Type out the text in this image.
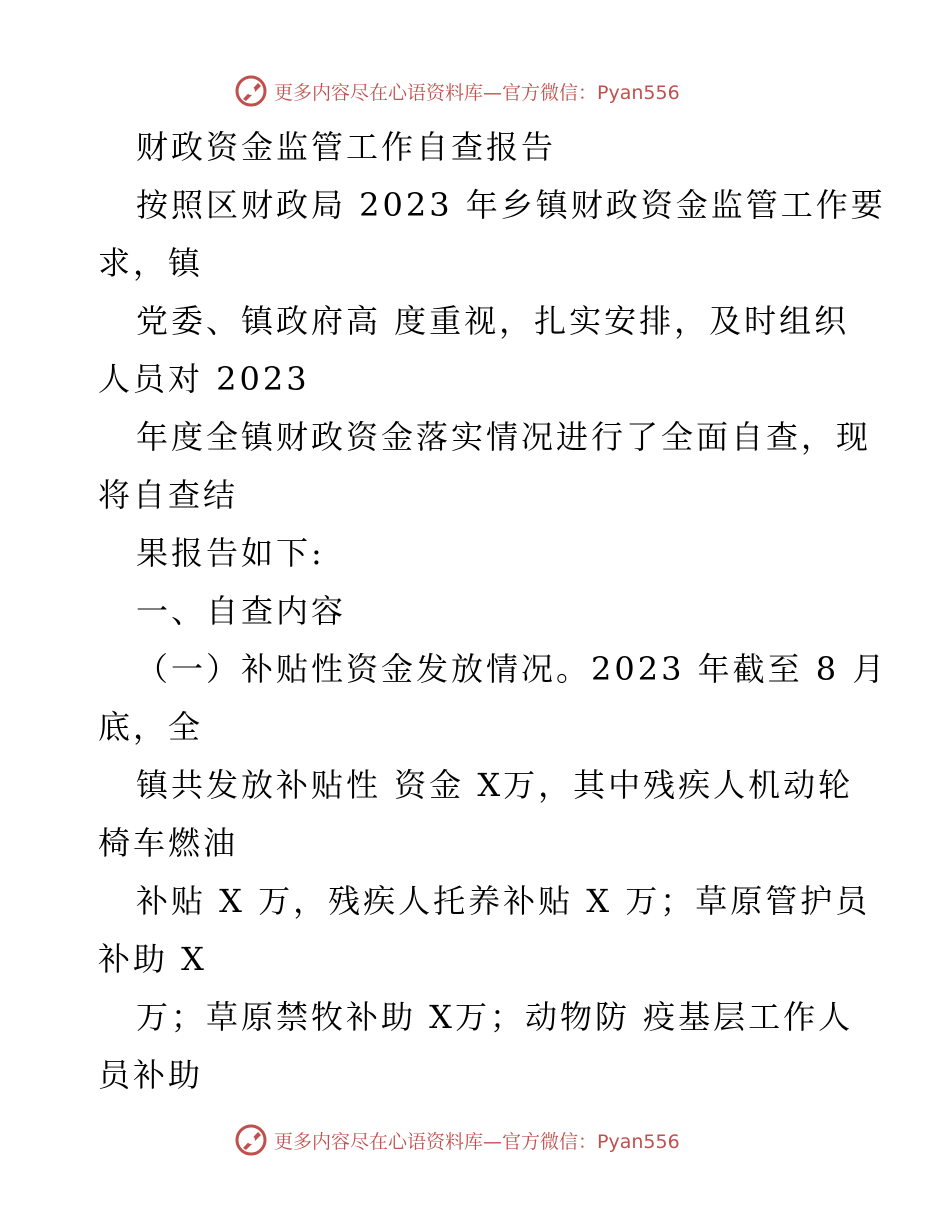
更多内容尽在心语资料库—官方微信：Pyan556
财政资金监管工作自查报告
按照区财政局 2023 年乡镇财政资金监管工作要
求，镇
党委、镇政府高 度重视，扎实安排，及时组织
人员对 2023
年度全镇财政资金落实情况进行了全面自查，现
将自查结
果报告如下:
一、自查内容
（一）补贴性资金发放情况。2023 年截至 8 月
底，全
镇共发放补贴性 资金 X万，其中残疾人机动轮
椅车燃油
补贴 X 万，残疾人托养补贴 X 万；草原管护员
补助 X
万；草原禁牧补助 X万；动物防 疫基层工作人
员补助
更多内容尽在心语资料库—官方微信：Pyan556
